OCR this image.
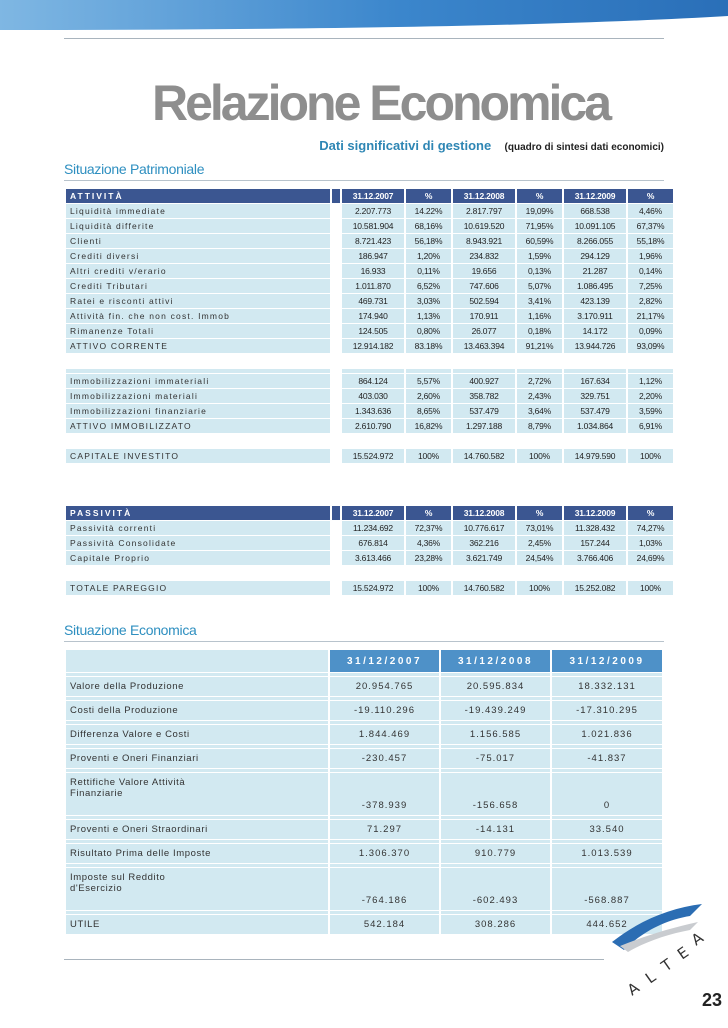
Relazione Economica
Dati significativi di gestione (quadro di sintesi dati economici)
Situazione Patrimoniale
ATTIVITÀ		31.12.2007	%	31.12.2008	%	31.12.2009	%
Liquidità immediate		2.207.773	14.22%	2.817.797	19,09%	668.538	4,46%
Liquidità differite		10.581.904	68,16%	10.619.520	71,95%	10.091.105	67,37%
Clienti		8.721.423	56,18%	8.943.921	60,59%	8.266.055	55,18%
Crediti diversi		186.947	1,20%	234.832	1,59%	294.129	1,96%
Altri crediti v/erario		16.933	0,11%	19.656	0,13%	21.287	0,14%
Crediti Tributari		1.011.870	6,52%	747.606	5,07%	1.086.495	7,25%
Ratei e risconti attivi		469.731	3,03%	502.594	3,41%	423.139	2,82%
Attività fin. che non cost. Immob		174.940	1,13%	170.911	1,16%	3.170.911	21,17%
Rimanenze Totali		124.505	0,80%	26.077	0,18%	14.172	0,09%
ATTIVO CORRENTE		12.914.182	83.18%	13.463.394	91,21%	13.944.726	93,09%

Immobilizzazioni immateriali		864.124	5,57%	400.927	2,72%	167.634	1,12%
Immobilizzazioni materiali		403.030	2,60%	358.782	2,43%	329.751	2,20%
Immobilizzazioni finanziarie		1.343.636	8,65%	537.479	3,64%	537.479	3,59%
ATTIVO IMMOBILIZZATO		2.610.790	16,82%	1.297.188	8,79%	1.034.864	6,91%

CAPITALE INVESTITO		15.524.972	100%	14.760.582	100%	14.979.590	100%
PASSIVITÀ		31.12.2007	%	31.12.2008	%	31.12.2009	%
Passività correnti		11.234.692	72,37%	10.776.617	73,01%	11.328.432	74,27%
Passività Consolidate		676.814	4,36%	362.216	2,45%	157.244	1,03%
Capitale Proprio		3.613.466	23,28%	3.621.749	24,54%	3.766.406	24,69%

TOTALE PAREGGIO		15.524.972	100%	14.760.582	100%	15.252.082	100%
Situazione Economica
	31/12/2007	31/12/2008	31/12/2009

Valore della Produzione	20.954.765	20.595.834	18.332.131

Costi della Produzione	-19.110.296	-19.439.249	-17.310.295

Differenza Valore e Costi	1.844.469	1.156.585	1.021.836

Proventi e Oneri Finanziari	-230.457	-75.017	-41.837

Rettifiche Valore Attività
Finanziarie	-378.939	-156.658	0

Proventi e Oneri Straordinari	71.297	-14.131	33.540

Risultato Prima delle Imposte	1.306.370	910.779	1.013.539

Imposte sul Reddito
d'Esercizio	-764.186	-602.493	-568.887

UTILE	542.184	308.286	444.652
A
L
T
E
A
23
